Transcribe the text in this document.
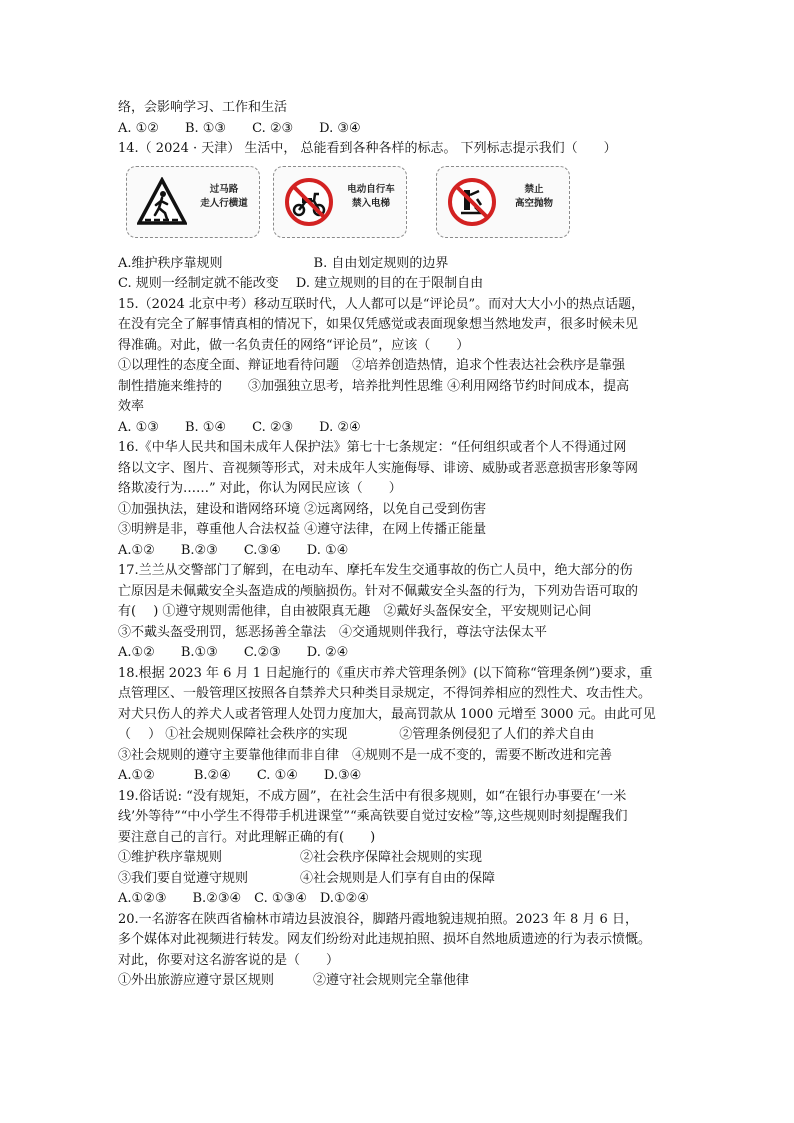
络，会影响学习、工作和生活
A. ①②　　B. ①③　　C. ②③　　D. ③④
14.（ 2024 · 天津） 生活中， 总能看到各种各样的标志。 下列标志提示我们（　　）
过马路
走人行横道
电动自行车
禁入电梯
禁止
高空抛物
A.维护秩序靠规则　　　　　　　B. 自由划定规则的边界
C. 规则一经制定就不能改变　 D. 建立规则的目的在于限制自由
15.（2024 北京中考）移动互联时代，人人都可以是“评论员”。而对大大小小的热点话题，
在没有完全了解事情真相的情况下，如果仅凭感觉或表面现象想当然地发声，很多时候未见
得准确。对此，做一名负责任的网络“评论员”，应该（　　）
①以理性的态度全面、辩证地看待问题　②培养创造热情，追求个性表达社会秩序是靠强
制性措施来维持的　　③加强独立思考，培养批判性思维 ④利用网络节约时间成本，提高
效率
A. ①③　　B. ①④　　C. ②③　　D. ②④
16.《中华人民共和国未成年人保护法》第七十七条规定：“任何组织或者个人不得通过网
络以文字、图片、音视频等形式，对未成年人实施侮辱、诽谤、威胁或者恶意损害形象等网
络欺凌行为……” 对此，你认为网民应该（　　）
①加强执法，建设和谐网络环境 ②远离网络，以免自己受到伤害
③明辨是非，尊重他人合法权益 ④遵守法律，在网上传播正能量
A.①②　　B.②③　　C.③④　　D. ①④
17.兰兰从交警部门了解到，在电动车、摩托车发生交通事故的伤亡人员中，绝大部分的伤
亡原因是未佩戴安全头盔造成的颅脑损伤。针对不佩戴安全头盔的行为，下列劝告语可取的
有(　 ) ①遵守规则需他律，自由被限真无趣　②戴好头盔保安全，平安规则记心间
③不戴头盔受刑罚，惩恶扬善全靠法　④交通规则伴我行，尊法守法保太平
A.①②　　B.①③　　C.②③　　D. ②④
18.根据 2023 年 6 月 1 日起施行的《重庆市养犬管理条例》(以下简称“管理条例”)要求，重
点管理区、一般管理区按照各自禁养犬只种类目录规定，不得饲养相应的烈性犬、攻击性犬。
对犬只伤人的养犬人或者管理人处罚力度加大，最高罚款从 1000 元增至 3000 元。由此可见
（　 ） ①社会规则保障社会秩序的实现　　　　②管理条例侵犯了人们的养犬自由
③社会规则的遵守主要靠他律而非自律　④规则不是一成不变的，需要不断改进和完善
A.①②　　　B.②④　　C. ①④　　D.③④
19.俗话说: “没有规矩，不成方圆”，在社会生活中有很多规则，如“在银行办事要在‘一米
线’外等待”“中小学生不得带手机进课堂”“乘高铁要自觉过安检”等,这些规则时刻提醒我们
要注意自己的言行。对此理解正确的有(　　)
①维护秩序靠规则　　　　　　②社会秩序保障社会规则的实现
③我们要自觉遵守规则　　　　④社会规则是人们享有自由的保障
A.①②③　　B.②③④　C. ①③④　D.①②④
20.一名游客在陕西省榆林市靖边县波浪谷，脚踏丹霞地貌违规拍照。2023 年 8 月 6 日，
多个媒体对此视频进行转发。网友们纷纷对此违规拍照、损坏自然地质遗迹的行为表示愤慨。
对此，你要对这名游客说的是（　　）
①外出旅游应遵守景区规则　　　②遵守社会规则完全靠他律
